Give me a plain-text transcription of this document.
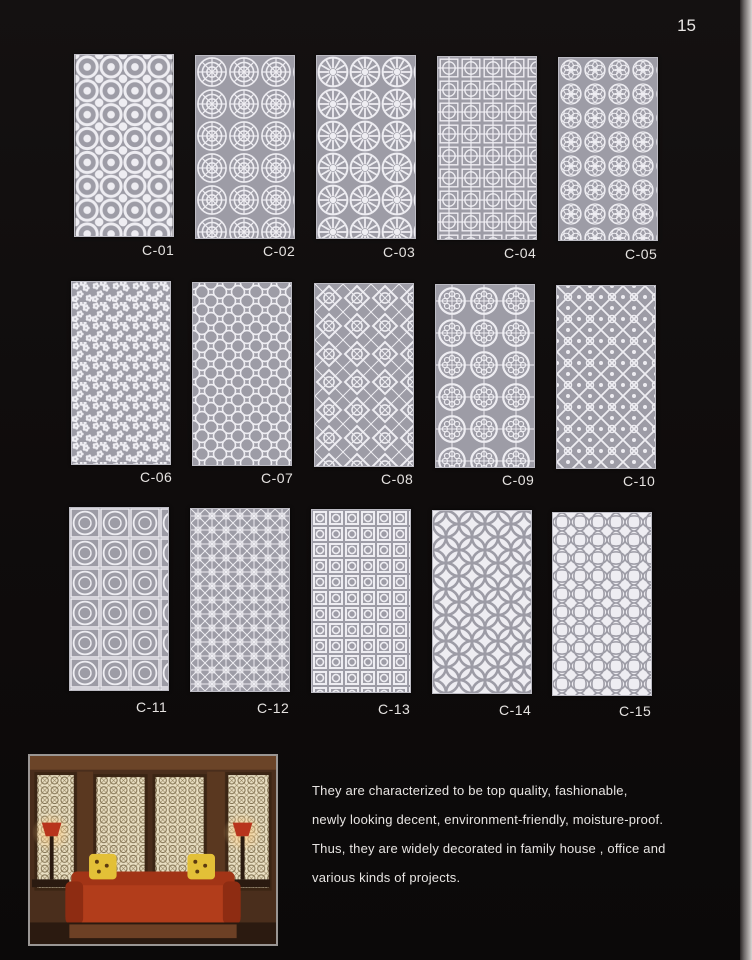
15
C-01	C-02	C-03	C-04	C-05
C-06	C-07	C-08	C-09	C-10
C-11	C-12	C-13	C-14	C-15

They are characterized to be top quality, fashionable,

newly looking decent, environment-friendly, moisture-proof.

Thus, they are widely decorated in family house , office and

various kinds of projects.
